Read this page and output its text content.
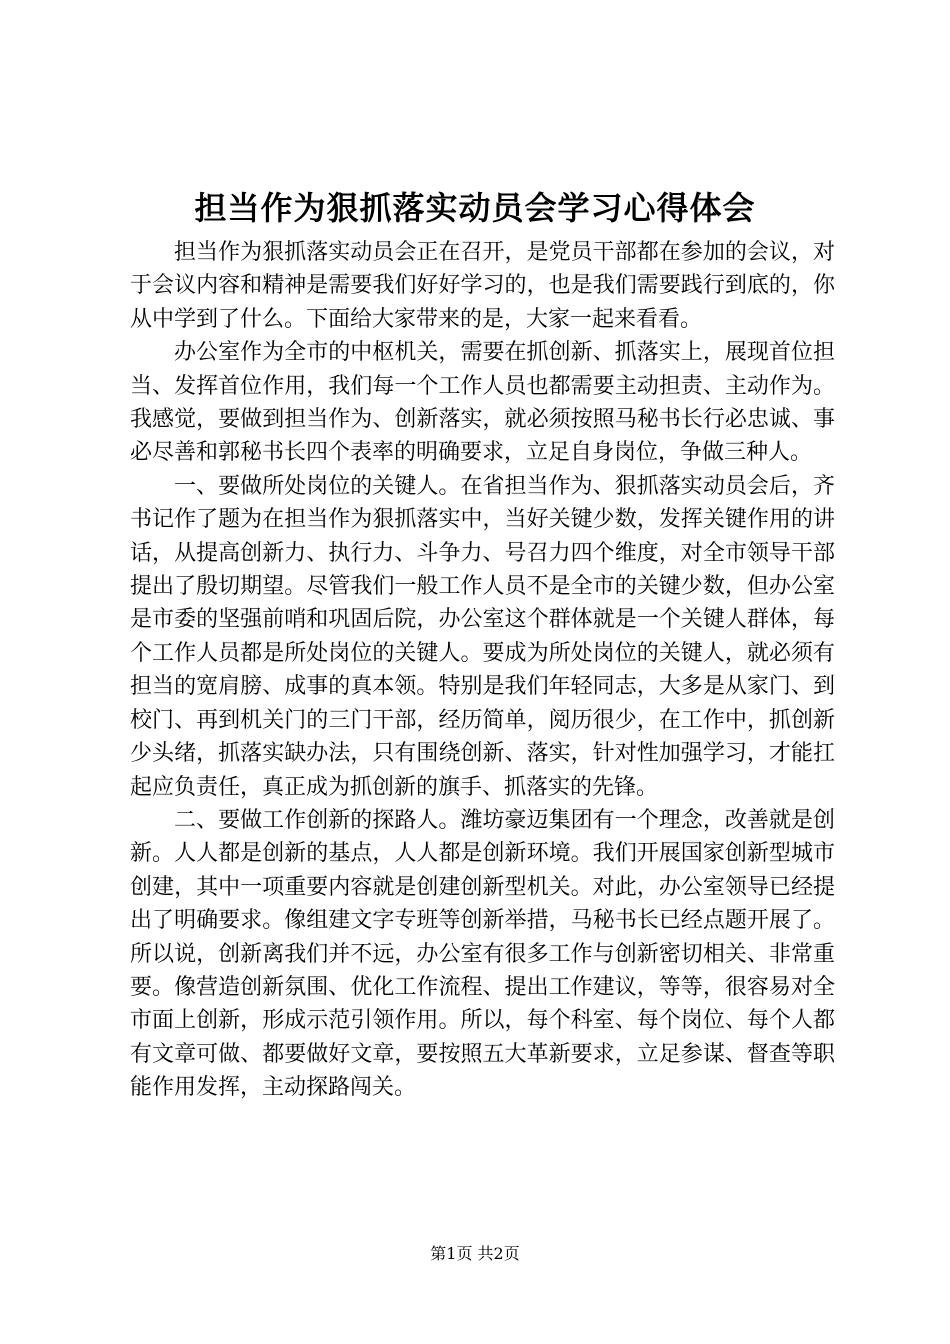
担当作为狠抓落实动员会学习心得体会

担当作为狠抓落实动员会正在召开，是党员干部都在参加的会议，对于会议内容和精神是需要我们好好学习的，也是我们需要践行到底的，你从中学到了什么。下面给大家带来的是，大家一起来看看。

办公室作为全市的中枢机关，需要在抓创新、抓落实上，展现首位担当、发挥首位作用，我们每一个工作人员也都需要主动担责、主动作为。我感觉，要做到担当作为、创新落实，就必须按照马秘书长行必忠诚、事必尽善和郭秘书长四个表率的明确要求，立足自身岗位，争做三种人。

一、要做所处岗位的关键人。在省担当作为、狠抓落实动员会后，齐书记作了题为在担当作为狠抓落实中，当好关键少数，发挥关键作用的讲话，从提高创新力、执行力、斗争力、号召力四个维度，对全市领导干部提出了殷切期望。尽管我们一般工作人员不是全市的关键少数，但办公室是市委的坚强前哨和巩固后院，办公室这个群体就是一个关键人群体，每个工作人员都是所处岗位的关键人。要成为所处岗位的关键人，就必须有担当的宽肩膀、成事的真本领。特别是我们年轻同志，大多是从家门、到校门、再到机关门的三门干部，经历简单，阅历很少，在工作中，抓创新少头绪，抓落实缺办法，只有围绕创新、落实，针对性加强学习，才能扛起应负责任，真正成为抓创新的旗手、抓落实的先锋。

二、要做工作创新的探路人。潍坊豪迈集团有一个理念，改善就是创新。人人都是创新的基点，人人都是创新环境。我们开展国家创新型城市创建，其中一项重要内容就是创建创新型机关。对此，办公室领导已经提出了明确要求。像组建文字专班等创新举措，马秘书长已经点题开展了。所以说，创新离我们并不远，办公室有很多工作与创新密切相关、非常重要。像营造创新氛围、优化工作流程、提出工作建议，等等，很容易对全市面上创新，形成示范引领作用。所以，每个科室、每个岗位、每个人都有文章可做、都要做好文章，要按照五大革新要求，立足参谋、督查等职能作用发挥，主动探路闯关。

第1页 共2页
